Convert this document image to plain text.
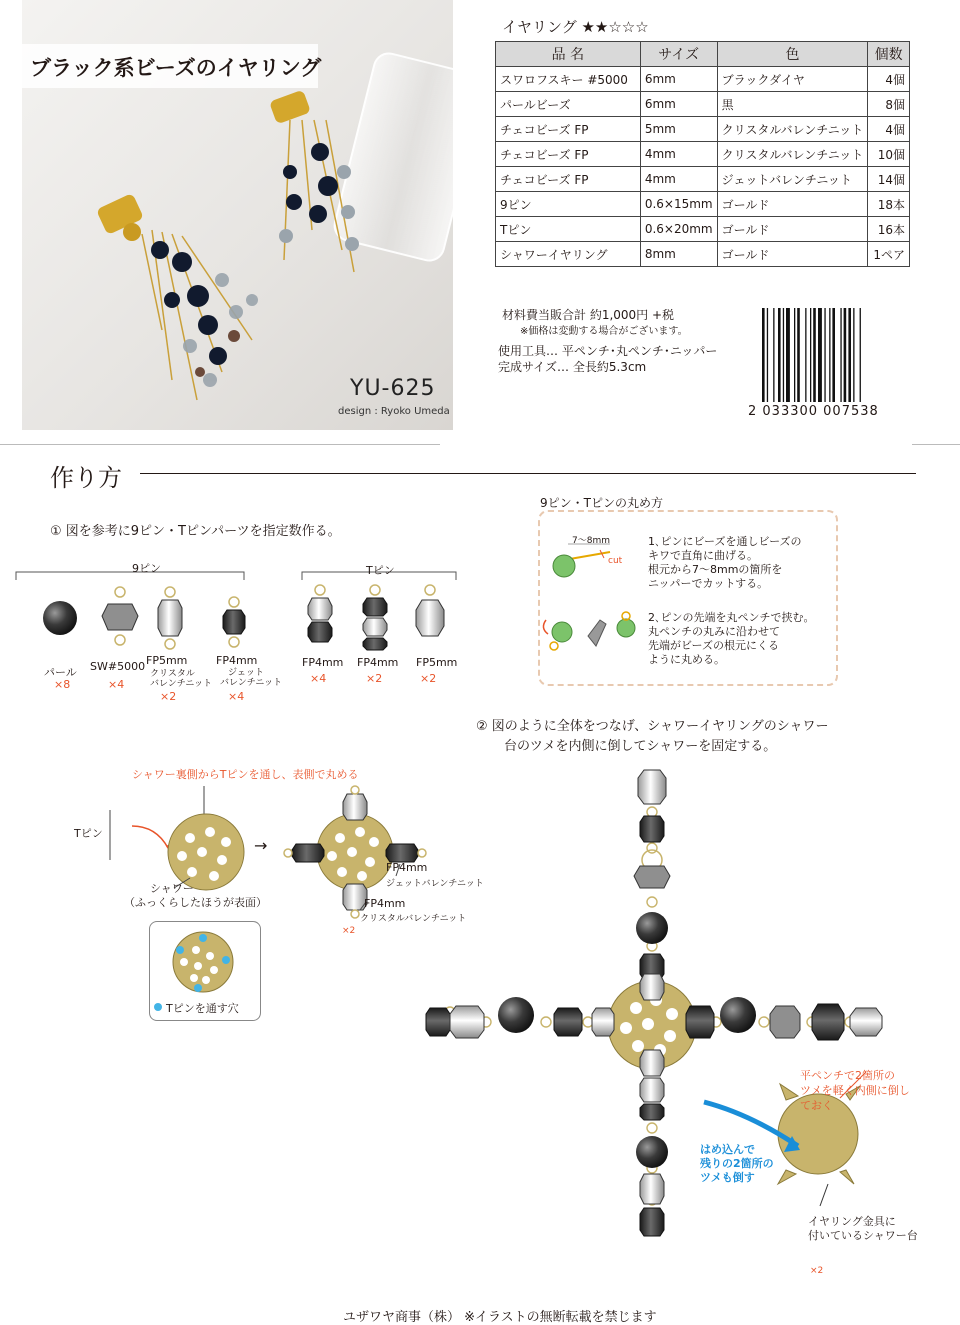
ブラック系ビーズのイヤリング
YU-625
design : Ryoko Umeda
イヤリング ★★☆☆☆
品 名	サイズ	色	個数
スワロフスキー #5000	6mm	ブラックダイヤ	4個
パールビーズ	6mm	黒	8個
チェコビーズ FP	5mm	クリスタルバレンチニット	4個
チェコビーズ FP	4mm	クリスタルバレンチニット	10個
チェコビーズ FP	4mm	ジェットバレンチニット	14個
9ピン	0.6×15mm	ゴールド	18本
Tピン	0.6×20mm	ゴールド	16本
シャワーイヤリング	8mm	ゴールド	1ペア
材料費当販合計 約1,000円 +税
※価格は変動する場合がございます。
使用工具… 平ペンチ･丸ペンチ･ニッパー
完成サイズ… 全長約5.3cm
2 033300 007538
作り方
① 図を参考に9ピン・Tピンパーツを指定数作る。
9ピン	Tピン
パール
×8
SW#5000
×4
FP5mm
クリスタル
バレンチニット
×2
FP4mm
ジェット
バレンチニット
×4
FP4mm
×4
FP4mm
×2
FP5mm
×2
9ピン・Tピンの丸め方
7～8mm
cut
1､ピンにビーズを通しビーズの
キワで直角に曲げる。
根元から7～8mmの箇所を
ニッパーでカットする。
2､ピンの先端を丸ペンチで挟む｡
丸ペンチの丸みに沿わせて
先端がビーズの根元にくる
ように丸める。
② 図のように全体をつなげ、シャワーイヤリングのシャワー
台のツメを内側に倒してシャワーを固定する。
シャワー裏側からTピンを通し、表側で丸める
Tピン
→
シャワー
（ふっくらしたほうが表面）
FP4mm
ジェットバレンチニット
FP4mm
クリスタルバレンチニット
×2
Tピンを通す穴
平ペンチで2箇所の
ツメを軽く内側に倒し
ておく
はめ込んで
残りの2箇所の
ツメも倒す
イヤリング金具に
付いているシャワー台
×2
ユザワヤ商事（株） ※イラストの無断転載を禁じます
